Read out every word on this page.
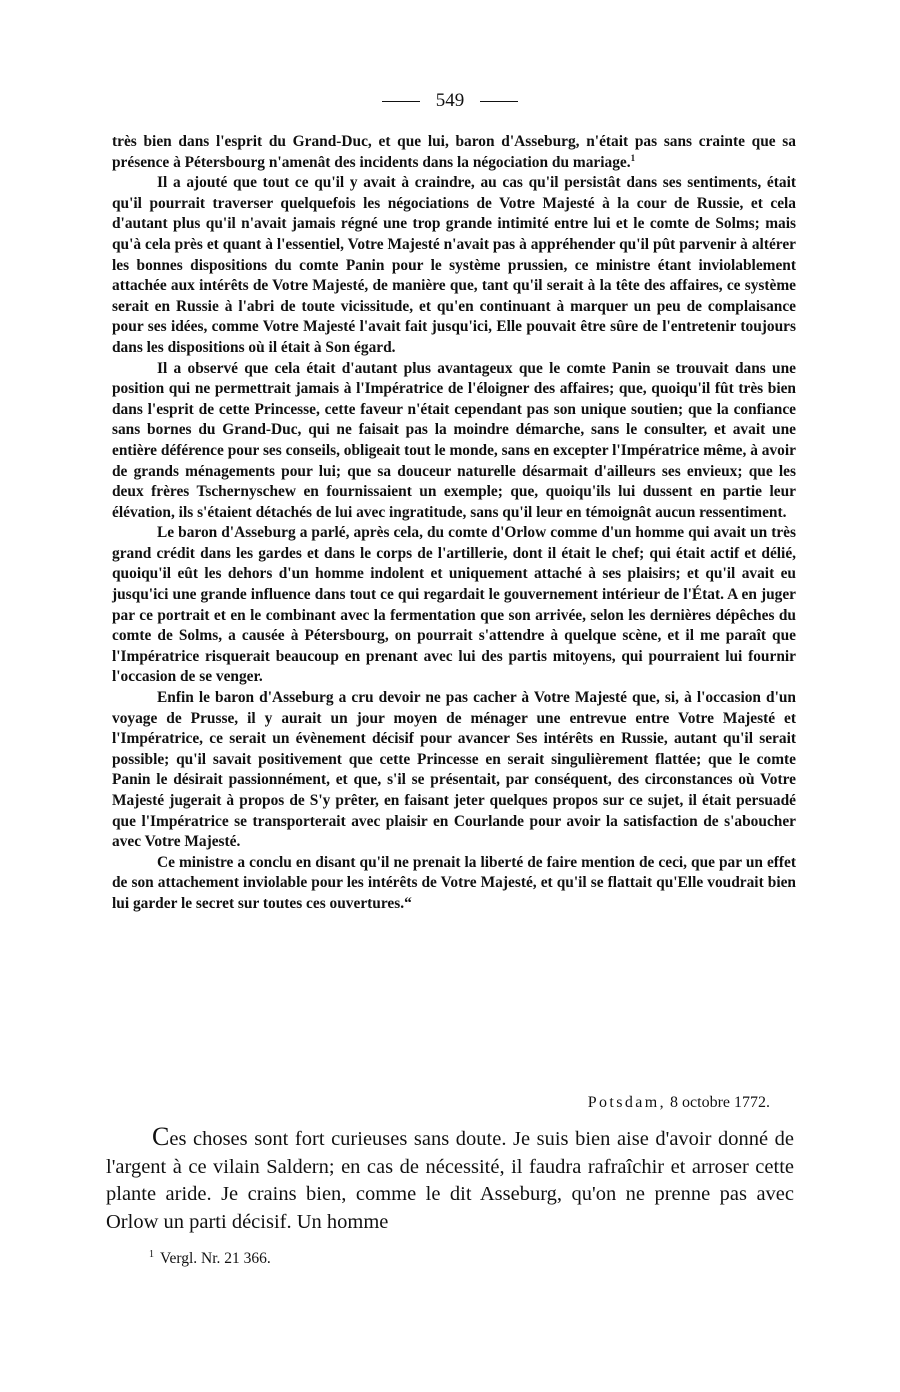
549

très bien dans l'esprit du Grand-Duc, et que lui, baron d'Asseburg, n'était pas sans crainte que sa présence à Pétersbourg n'amenât des incidents dans la négociation du mariage.$^1$

Il a ajouté que tout ce qu'il y avait à craindre, au cas qu'il persistât dans ses sentiments, était qu'il pourrait traverser quelquefois les négociations de Votre Majesté à la cour de Russie, et cela d'autant plus qu'il n'avait jamais régné une trop grande intimité entre lui et le comte de Solms; mais qu'à cela près et quant à l'essentiel, Votre Majesté n'avait pas à appréhender qu'il pût parvenir à altérer les bonnes dispositions du comte Panin pour le système prussien, ce ministre étant inviolablement attachée aux intérêts de Votre Majesté, de manière que, tant qu'il serait à la tête des affaires, ce système serait en Russie à l'abri de toute vicissitude, et qu'en continuant à marquer un peu de complaisance pour ses idées, comme Votre Majesté l'avait fait jusqu'ici, Elle pouvait être sûre de l'entretenir toujours dans les dispositions où il était à Son égard.

Il a observé que cela était d'autant plus avantageux que le comte Panin se trouvait dans une position qui ne permettrait jamais à l'Impératrice de l'éloigner des affaires; que, quoiqu'il fût très bien dans l'esprit de cette Princesse, cette faveur n'était cependant pas son unique soutien; que la confiance sans bornes du Grand-Duc, qui ne faisait pas la moindre démarche, sans le consulter, et avait une entière déférence pour ses conseils, obligeait tout le monde, sans en excepter l'Impératrice même, à avoir de grands ménagements pour lui; que sa douceur naturelle désarmait d'ailleurs ses envieux; que les deux frères Tschernyschew en fournissaient un exemple; que, quoiqu'ils lui dussent en partie leur élévation, ils s'étaient détachés de lui avec ingratitude, sans qu'il leur en témoignât aucun ressentiment.

Le baron d'Asseburg a parlé, après cela, du comte d'Orlow comme d'un homme qui avait un très grand crédit dans les gardes et dans le corps de l'artillerie, dont il était le chef; qui était actif et délié, quoiqu'il eût les dehors d'un homme indolent et uniquement attaché à ses plaisirs; et qu'il avait eu jusqu'ici une grande influence dans tout ce qui regardait le gouvernement intérieur de l'État. A en juger par ce portrait et en le combinant avec la fermentation que son arrivée, selon les dernières dépêches du comte de Solms, a causée à Pétersbourg, on pourrait s'attendre à quelque scène, et il me paraît que l'Impératrice risquerait beaucoup en prenant avec lui des partis mitoyens, qui pourraient lui fournir l'occasion de se venger.

Enfin le baron d'Asseburg a cru devoir ne pas cacher à Votre Majesté que, si, à l'occasion d'un voyage de Prusse, il y aurait un jour moyen de ménager une entrevue entre Votre Majesté et l'Impératrice, ce serait un évènement décisif pour avancer Ses intérêts en Russie, autant qu'il serait possible; qu'il savait positivement que cette Princesse en serait singulièrement flattée; que le comte Panin le désirait passionnément, et que, s'il se présentait, par conséquent, des circonstances où Votre Majesté jugerait à propos de S'y prêter, en faisant jeter quelques propos sur ce sujet, il était persuadé que l'Impératrice se transporterait avec plaisir en Courlande pour avoir la satisfaction de s'aboucher avec Votre Majesté.

Ce ministre a conclu en disant qu'il ne prenait la liberté de faire mention de ceci, que par un effet de son attachement inviolable pour les intérêts de Votre Majesté, et qu'il se flattait qu'Elle voudrait bien lui garder le secret sur toutes ces ouvertures.“

Potsdam, 8 octobre 1772.

Ces choses sont fort curieuses sans doute. Je suis bien aise d'avoir donné de l'argent à ce vilain Saldern; en cas de nécessité, il faudra rafraîchir et arroser cette plante aride. Je crains bien, comme le dit Asseburg, qu'on ne prenne pas avec Orlow un parti décisif. Un homme

$^1$ Vergl. Nr. 21 366.
